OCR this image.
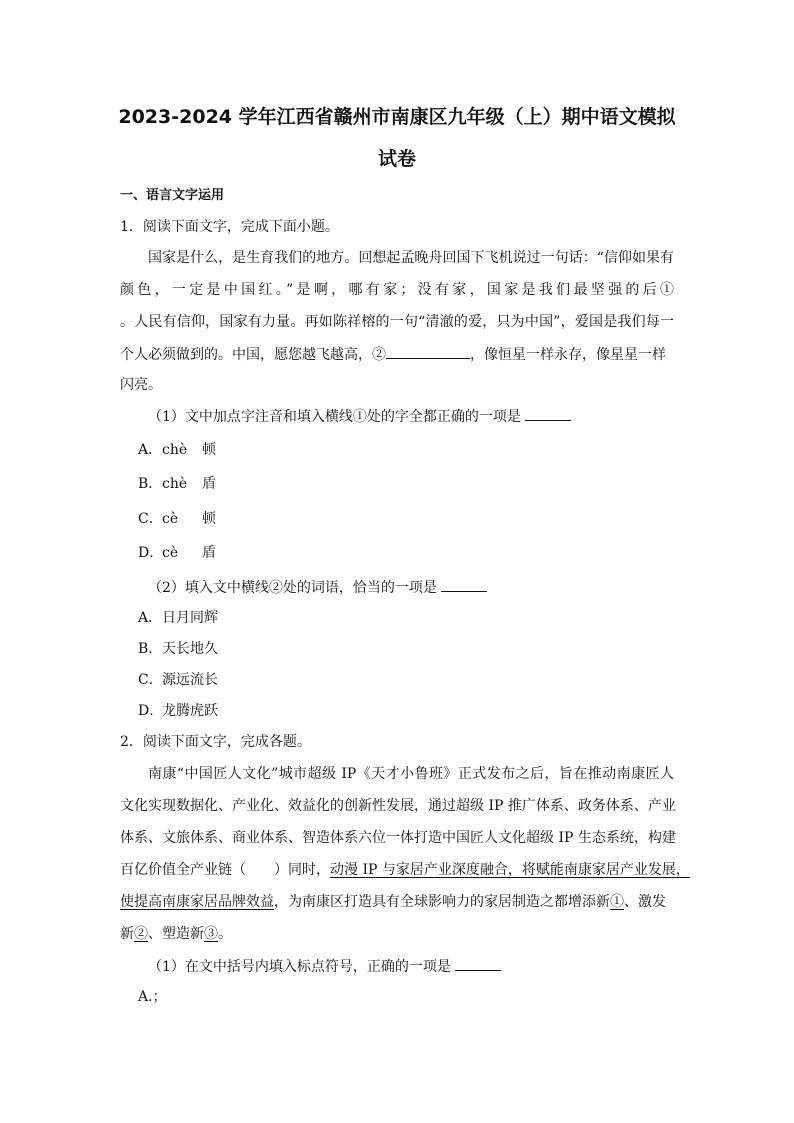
2023-2024 学年江西省赣州市南康区九年级（上）期中语文模拟
试卷
一、语言文字运用
1．阅读下面文字，完成下面小题。
国家是什么，是生育我们的地方。回想起孟晚舟回国下飞机说过一句话：“信仰如果有
颜色，一定是中国红。”是啊，哪有家；没有家，国家是我们最坚强的后①
。人民有信仰，国家有力量。再如陈祥榕的一句“清澈的爱，只为中国”，爱国是我们每一
个人必须做到的。中国，愿您越飞越高，②	，像恒星一样永存，像星星一样
闪亮。
（1）文中加点字注音和填入横线①处的字全都正确的一项是
A．chè 顿
B．chè 盾
C．cè 顿
D．cè 盾
（2）填入文中横线②处的词语，恰当的一项是
A．日月同辉
B．天长地久
C．源远流长
D．龙腾虎跃
2．阅读下面文字，完成各题。
南康“中国匠人文化”城市超级 IP《天才小鲁班》正式发布之后，旨在推动南康匠人
文化实现数据化、产业化、效益化的创新性发展，通过超级 IP 推广体系、政务体系、产业
体系、文旅体系、商业体系、智造体系六位一体打造中国匠人文化超级 IP 生态系统，构建
百亿价值全产业链（　　）同时，动漫 IP 与家居产业深度融合，将赋能南康家居产业发展，
使提高南康家居品牌效益，为南康区打造具有全球影响力的家居制造之都增添新①、激发
新②、塑造新③。
（1）在文中括号内填入标点符号，正确的一项是
A.；
